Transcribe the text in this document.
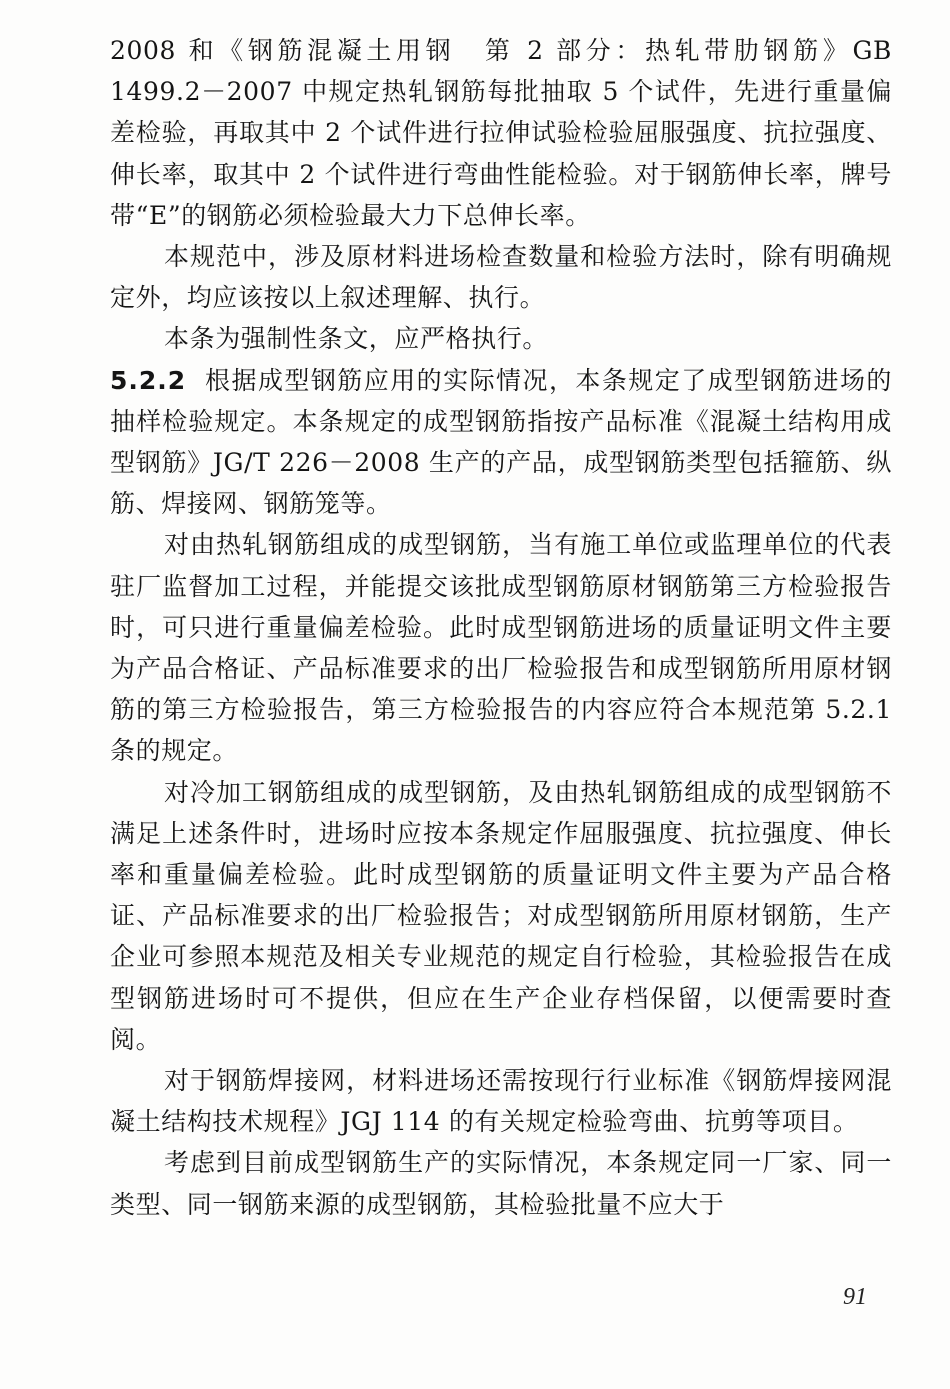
2008 和《钢筋混凝土用钢　第 2 部分：热轧带肋钢筋》GB 1499.2－2007 中规定热轧钢筋每批抽取 5 个试件，先进行重量偏差检验，再取其中 2 个试件进行拉伸试验检验屈服强度、抗拉强度、伸长率，取其中 2 个试件进行弯曲性能检验。对于钢筋伸长率，牌号带“E”的钢筋必须检验最大力下总伸长率。

本规范中，涉及原材料进场检查数量和检验方法时，除有明确规定外，均应该按以上叙述理解、执行。

本条为强制性条文，应严格执行。

5.2.2 根据成型钢筋应用的实际情况，本条规定了成型钢筋进场的抽样检验规定。本条规定的成型钢筋指按产品标准《混凝土结构用成型钢筋》JG/T 226－2008 生产的产品，成型钢筋类型包括箍筋、纵筋、焊接网、钢筋笼等。

对由热轧钢筋组成的成型钢筋，当有施工单位或监理单位的代表驻厂监督加工过程，并能提交该批成型钢筋原材钢筋第三方检验报告时，可只进行重量偏差检验。此时成型钢筋进场的质量证明文件主要为产品合格证、产品标准要求的出厂检验报告和成型钢筋所用原材钢筋的第三方检验报告，第三方检验报告的内容应符合本规范第 5.2.1 条的规定。

对冷加工钢筋组成的成型钢筋，及由热轧钢筋组成的成型钢筋不满足上述条件时，进场时应按本条规定作屈服强度、抗拉强度、伸长率和重量偏差检验。此时成型钢筋的质量证明文件主要为产品合格证、产品标准要求的出厂检验报告；对成型钢筋所用原材钢筋，生产企业可参照本规范及相关专业规范的规定自行检验，其检验报告在成型钢筋进场时可不提供，但应在生产企业存档保留，以便需要时查阅。

对于钢筋焊接网，材料进场还需按现行行业标准《钢筋焊接网混凝土结构技术规程》JGJ 114 的有关规定检验弯曲、抗剪等项目。

考虑到目前成型钢筋生产的实际情况，本条规定同一厂家、同一类型、同一钢筋来源的成型钢筋，其检验批量不应大于

91
